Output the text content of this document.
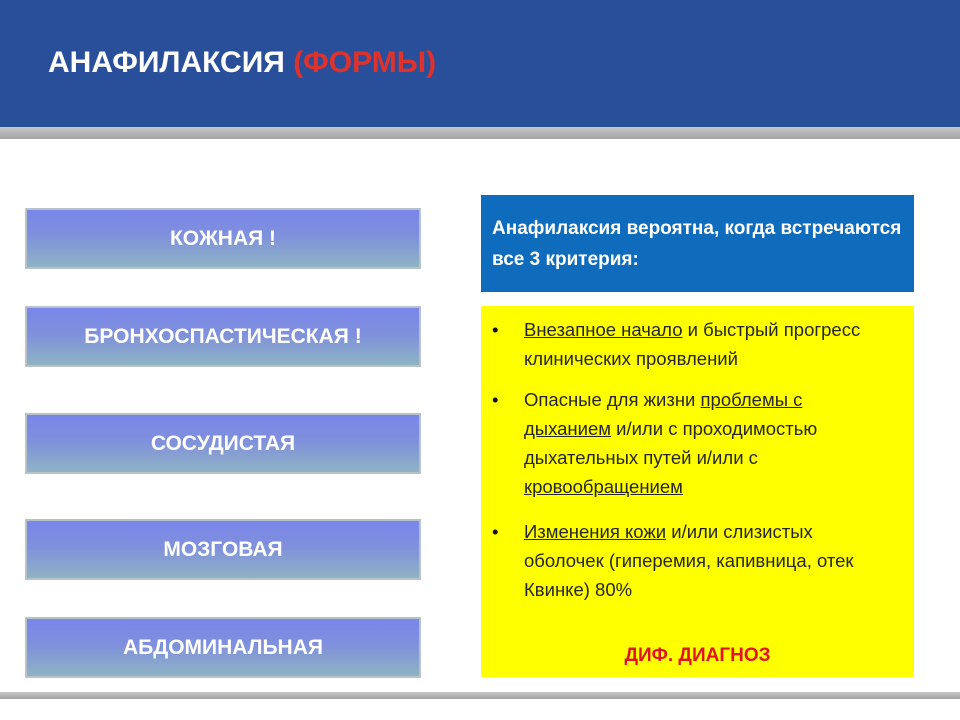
АНАФИЛАКСИЯ (ФОРМЫ)
КОЖНАЯ !
БРОНХОСПАСТИЧЕСКАЯ !
СОСУДИСТАЯ
МОЗГОВАЯ
АБДОМИНАЛЬНАЯ
Анафилаксия вероятна, когда встречаются все 3 критерия:
• Внезапное начало и быстрый прогресс клинических проявлений
• Опасные для жизни проблемы с дыханием и/или с проходимостью дыхательных путей и/или с кровообращением
• Изменения кожи и/или слизистых оболочек (гиперемия, капивница, отек Квинке) 80%
ДИФ. ДИАГНОЗ
